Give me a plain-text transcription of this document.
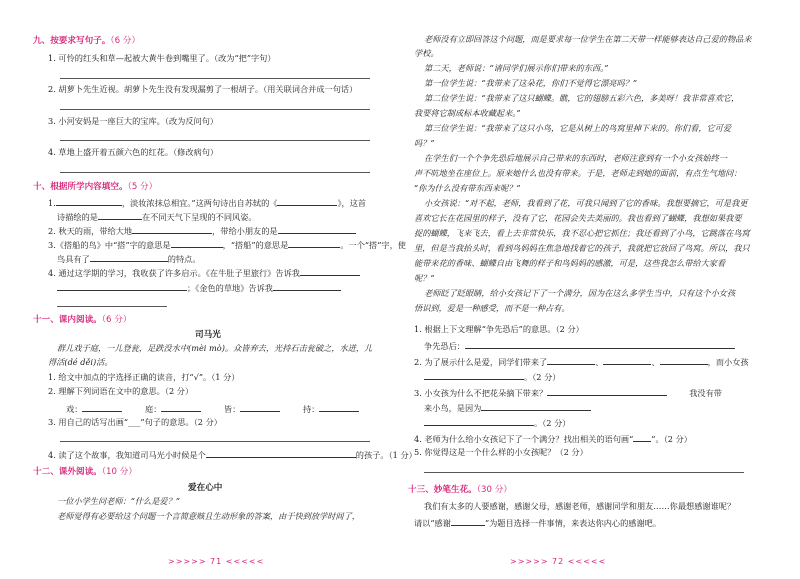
九、按要求写句子。（6 分）
1. 可怜的红头和草—起被大黄牛卷到嘴里了。（改为“把”字句）
2. 胡萝卜先生近视。胡萝卜先生没有发现漏剪了一根胡子。（用关联词合并成一句话）
3. 小河安妈是一座巨大的宝库。（改为反问句）
4. 草地上盛开着五颜六色的红花。（修改病句）
十、根据所学内容填空。（5 分）
1.	，淡妆浓抹总相宜。”这两句诗出自苏轼的《	》，这首
诗描绘的是	在不同天气下呈现的不同风姿。
2. 秋天的雨，带给大地	，带给小朋友的是
3.《搭船的鸟》中“搭”字的意思是	，“搭船”的意思是	。一个“搭”字，使
鸟具有了	的特点。
4. 通过这学期的学习，我收获了许多启示。《在牛肚子里旅行》告诉我
；《金色的草地》告诉我
十一、课内阅读。（6 分）
司马光
群儿戏于庭，一儿登瓮，足跌没水中(mèi mò)。众皆弃去，光持石击瓮破之，水迸，儿
得活(dé děi)活。
1. 给文中加点的字选择正确的读音，打“√”。（1 分）
2. 理解下列词语在文中的意思。（2 分）
戏：	庭：	皆：	持：
3. 用自己的话写出画“___”句子的意思。（2 分）
4. 读了这个故事，我知道司马光小时候是个	的孩子。（1 分）
十二、课外阅读。（10 分）
爱在心中
一位小学生问老师：“什么是爱？”
老师觉得有必要给这个问题一个言简意赅且生动形象的答案，由于快到放学时间了，
>>>>> 71 <<<<<
老师没有立即回答这个问题，而是要求每一位学生在第二天带一样能够表达自己爱的物品来
学校。
第二天，老师说：“请同学们展示你们带来的东西。”
第一位学生说：“我带来了这朵花，你们不觉得它漂亮吗？”
第二位学生说：“我带来了这只蝴蝶。瞧，它的翅膀五彩六色，多美呀！我非常喜欢它，
我要将它制成标本收藏起来。”
第三位学生说：“我带来了这只小鸟，它是从树上的鸟窝里掉下来的。你们看，它可爱
吗？”
在学生们一个个争先恐后地展示自己带来的东西时，老师注意到有一个小女孩始终一
声不吭地坐在座位上。原来她什么也没有带来。于是，老师走到她的面前，有点生气地问：
“你为什么没有带东西来呢？”
小女孩说：“对不起，老师，我看到了花，可我只闻到了它的香味。我想要摘它，可是我更
喜欢它长在花园里的样子，没有了它，花园会失去美丽的。我也看到了蝴蝶，我想如果我要
捉的蝴蝶，飞来飞去，看上去非常快乐，我不忍心把它抓住；我还看到了小鸟，它跳落在鸟窝
里，但是当我抬头时，看到鸟妈妈在焦急地找着它的孩子，我就把它放回了鸟窝。所以，我只
能带来花的香味、蝴蝶自由飞舞的样子和鸟妈妈的感激，可是，这些我怎么带给大家看
呢？”
老师眨了眨眼睛，给小女孩记下了一个满分，因为在这么多学生当中，只有这个小女孩
悟识到，爱是一种感受，而不是一种占有。
1. 根据上下文理解“争先恐后”的意思。（2 分）
争先恐后：
2. 为了展示什么是爱，同学们带来了	、	、	，而小女孩
。（2 分）
3. 小女孩为什么不把花朵摘下带来？	我没有带
来小鸟，是因为
。（2 分）
4. 老师为什么给小女孩记下了一个满分？找出相关的语句画“ ”。（2 分）
5. 你觉得这是一个什么样的小女孩呢？（2 分）
十三、妙笔生花。（30 分）
我们有太多的人要感谢，感谢父母，感谢老师，感谢同学和朋友……你最想感谢谁呢？
请以“感谢	”为题目选择一件事情，来表达你内心的感谢吧。
>>>>> 72 <<<<<
